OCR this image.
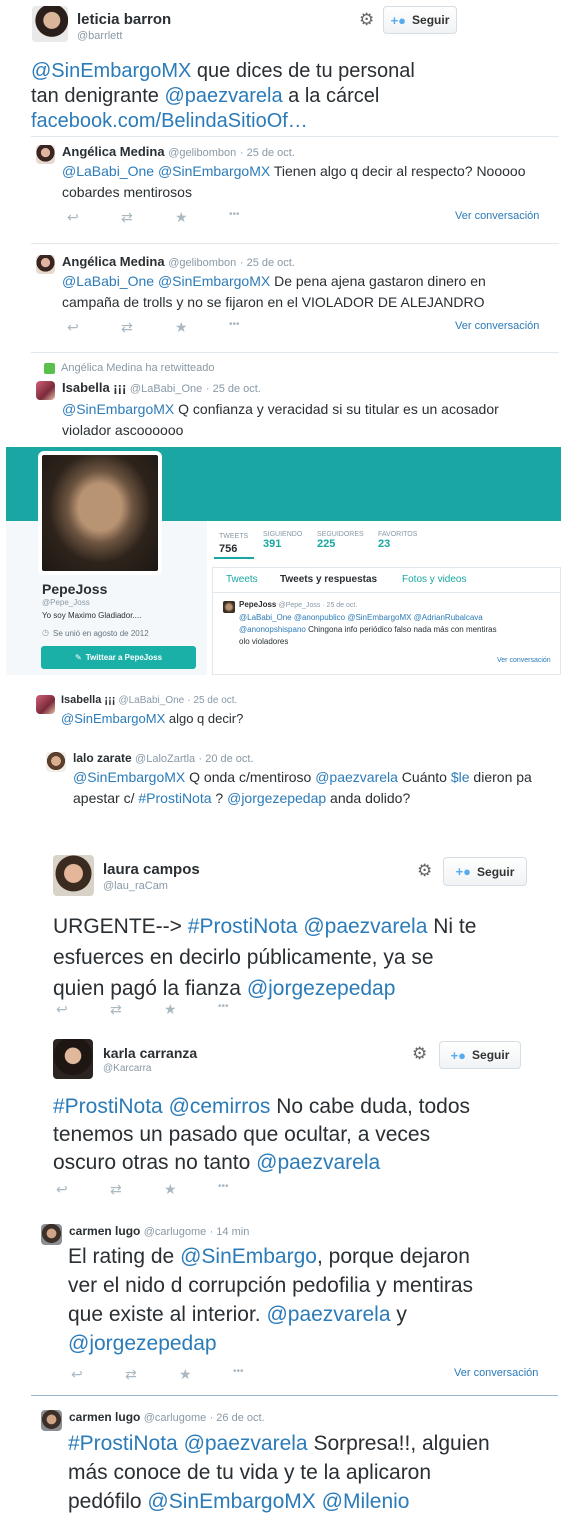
leticia barron
@barrlett
⚙ +● Seguir
@SinEmbargoMX que dices de tu personal
tan denigrante @paezvarela a la cárcel
facebook.com/BelindaSitioOf…
Angélica Medina @gelibombon · 25 de oct.
@LaBabi_One @SinEmbargoMX Tienen algo q decir al respecto? Nooooo
cobardes mentirosos
↩	⇄	★	•••	Ver conversación
Angélica Medina @gelibombon · 25 de oct.
@LaBabi_One @SinEmbargoMX De pena ajena gastaron dinero en
campaña de trolls y no se fijaron en el VIOLADOR DE ALEJANDRO
↩	⇄	★	•••	Ver conversación
Angélica Medina ha retwitteado
Isabella ¡¡¡ @LaBabi_One · 25 de oct.
@SinEmbargoMX Q confianza y veracidad si su titular es un acosador
violador ascoooooo
PepeJoss
@Pepe_Joss
Yo soy Maximo Gladiador....
◷ Se unió en agosto de 2012
✎ Twittear a PepeJoss
TWEETS
756
SIGUIENDO
391
SEGUIDORES
225
FAVORITOS
23
Tweets Tweets y respuestas Fotos y videos
PepeJoss @Pepe_Joss · 25 de oct.
@LaBabi_One @anonpublico @SinEmbargoMX @AdrianRubalcava
@anonopshispano Chingona info periódico falso nada más con mentiras
olo violadores
Ver conversación
Isabella ¡¡¡ @LaBabi_One · 25 de oct.
@SinEmbargoMX algo q decir?
lalo zarate @LaloZartla · 20 de oct.
@SinEmbargoMX Q onda c/mentiroso @paezvarela Cuánto $le dieron pa
apestar c/ #ProstiNota ? @jorgezepedap anda dolido?
laura campos
@lau_raCam
⚙ +● Seguir
URGENTE--> #ProstiNota @paezvarela Ni te
esfuerces en decirlo públicamente, ya se
quien pagó la fianza @jorgezepedap
↩	⇄	★	•••
karla carranza
@Karcarra
⚙ +● Seguir
#ProstiNota @cemirros No cabe duda, todos
tenemos un pasado que ocultar, a veces
oscuro otras no tanto @paezvarela
↩	⇄	★	•••
carmen lugo @carlugome · 14 min
El rating de @SinEmbargo, porque dejaron
ver el nido d corrupción pedofilia y mentiras
que existe al interior. @paezvarela y
@jorgezepedap
↩	⇄	★	•••	Ver conversación
carmen lugo @carlugome · 26 de oct.
#ProstiNota @paezvarela Sorpresa!!, alguien
más conoce de tu vida y te la aplicaron
pedófilo @SinEmbargoMX @Milenio
